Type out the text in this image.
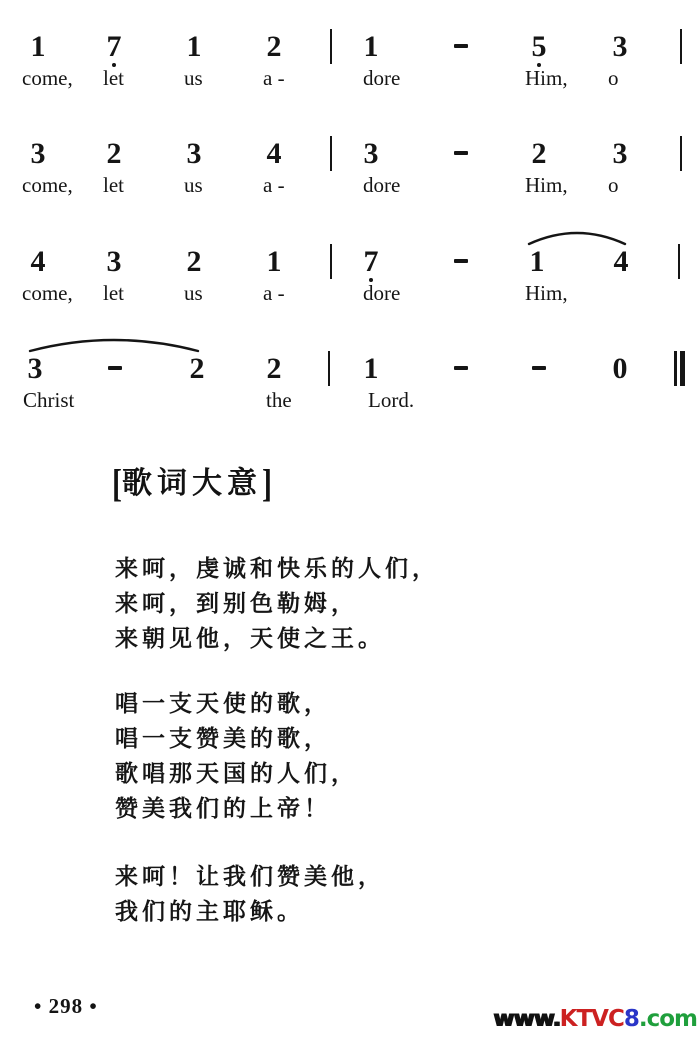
1 7 1 2	1	5 3
come, let	us	a -	dore	Him, o
3 2 3 4	3	2 3
come, let	us	a -	dore	Him, o
4 3 2 1	7	1 4
come, let	us	a -	dore	Him,
3	2 2	1	0
Christ	the	Lord.
[歌词大意]
来呵，虔诚和快乐的人们，
来呵，到别色勒姆，
来朝见他，天使之王。
唱一支天使的歌，
唱一支赞美的歌，
歌唱那天国的人们，
赞美我们的上帝！
来呵！让我们赞美他，
我们的主耶稣。
• 298 •	www.KTVC8.com
